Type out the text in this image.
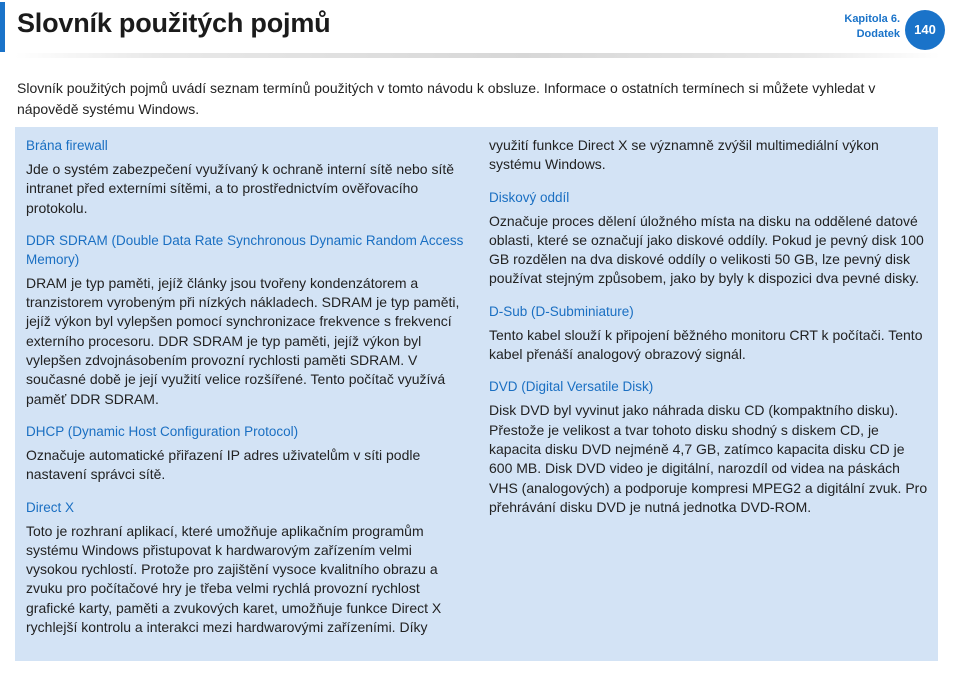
Slovník použitých pojmů	Kapitola 6.
Dodatek	140

Slovník použitých pojmů uvádí seznam termínů použitých v tomto návodu k obsluze. Informace o ostatních termínech si můžete vyhledat v nápovědě systému Windows.

Brána firewall

Jde o systém zabezpečení využívaný k ochraně interní sítě nebo sítě intranet před externími sítěmi, a to prostřednictvím ověřovacího protokolu.

DDR SDRAM (Double Data Rate Synchronous Dynamic Random Access Memory)

DRAM je typ paměti, jejíž články jsou tvořeny kondenzátorem a tranzistorem vyrobeným při nízkých nákladech. SDRAM je typ paměti, jejíž výkon byl vylepšen pomocí synchronizace frekvence s frekvencí externího procesoru. DDR SDRAM je typ paměti, jejíž výkon byl vylepšen zdvojnásobením provozní rychlosti paměti SDRAM. V současné době je její využití velice rozšířené. Tento počítač využívá paměť DDR SDRAM.

DHCP (Dynamic Host Configuration Protocol)

Označuje automatické přiřazení IP adres uživatelům v síti podle nastavení správci sítě.

Direct X

Toto je rozhraní aplikací, které umožňuje aplikačním programům systému Windows přistupovat k hardwarovým zařízením velmi vysokou rychlostí. Protože pro zajištění vysoce kvalitního obrazu a zvuku pro počítačové hry je třeba velmi rychlá provozní rychlost grafické karty, paměti a zvukových karet, umožňuje funkce Direct X rychlejší kontrolu a interakci mezi hardwarovými zařízeními. Díky

využití funkce Direct X se významně zvýšil multimediální výkon systému Windows.

Diskový oddíl

Označuje proces dělení úložného místa na disku na oddělené datové oblasti, které se označují jako diskové oddíly. Pokud je pevný disk 100 GB rozdělen na dva diskové oddíly o velikosti 50 GB, lze pevný disk používat stejným způsobem, jako by byly k dispozici dva pevné disky.

D-Sub (D-Subminiature)

Tento kabel slouží k připojení běžného monitoru CRT k počítači. Tento kabel přenáší analogový obrazový signál.

DVD (Digital Versatile Disk)

Disk DVD byl vyvinut jako náhrada disku CD (kompaktního disku). Přestože je velikost a tvar tohoto disku shodný s diskem CD, je kapacita disku DVD nejméně 4,7 GB, zatímco kapacita disku CD je 600 MB. Disk DVD video je digitální, narozdíl od videa na páskách VHS (analogových) a podporuje kompresi MPEG2 a digitální zvuk. Pro přehrávání disku DVD je nutná jednotka DVD-ROM.
